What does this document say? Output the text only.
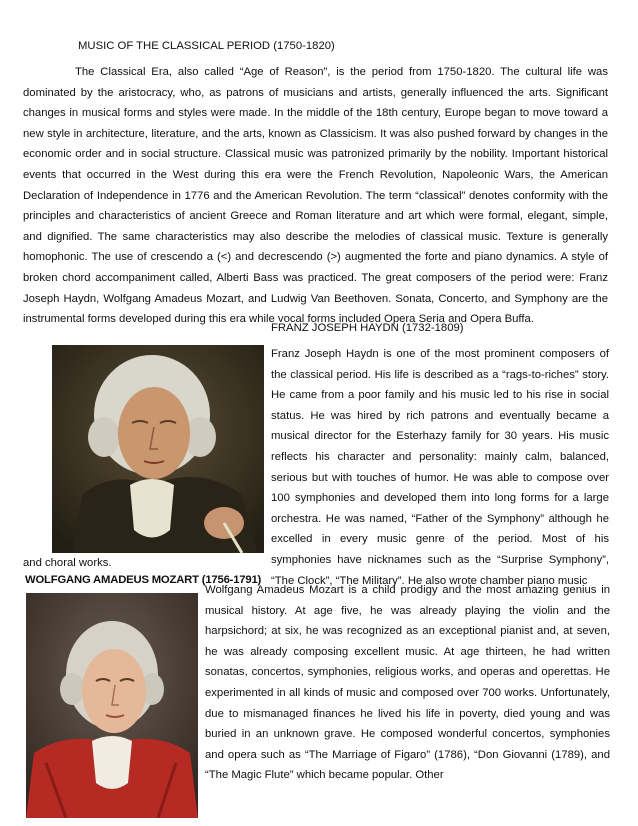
MUSIC OF THE CLASSICAL PERIOD (1750-1820)

The Classical Era, also called “Age of Reason”, is the period from 1750-1820. The cultural life was dominated by the aristocracy, who, as patrons of musicians and artists, generally influenced the arts. Significant changes in musical forms and styles were made. In the middle of the 18th century, Europe began to move toward a new style in architecture, literature, and the arts, known as Classicism. It was also pushed forward by changes in the economic order and in social structure. Classical music was patronized primarily by the nobility. Important historical events that occurred in the West during this era were the French Revolution, Napoleonic Wars, the American Declaration of Independence in 1776 and the American Revolution. The term “classical” denotes conformity with the principles and characteristics of ancient Greece and Roman literature and art which were formal, elegant, simple, and dignified. The same characteristics may also describe the melodies of classical music. Texture is generally homophonic. The use of crescendo a (<) and decrescendo (>) augmented the forte and piano dynamics. A style of broken chord accompaniment called, Alberti Bass was practiced. The great composers of the period were: Franz Joseph Haydn, Wolfgang Amadeus Mozart, and Ludwig Van Beethoven. Sonata, Concerto, and Symphony are the instrumental forms developed during this era while vocal forms included Opera Seria and Opera Buffa.

FRANZ JOSEPH HAYDN (1732-1809)

Franz Joseph Haydn is one of the most prominent composers of the classical period. His life is described as a “rags-to-riches” story. He came from a poor family and his music led to his rise in social status. He was hired by rich patrons and eventually became a musical director for the Esterhazy family for 30 years. His music reflects his character and personality: mainly calm, balanced, serious but with touches of humor. He was able to compose over 100 symphonies and developed them into long forms for a large orchestra. He was named, “Father of the Symphony” although he excelled in every music genre of the period. Most of his symphonies have nicknames such as the “Surprise Symphony”, “The Clock”, “The Military”. He also wrote chamber piano music

and choral works.
WOLFGANG AMADEUS MOZART (1756-1791)

Wolfgang Amadeus Mozart is a child prodigy and the most amazing genius in musical history. At age five, he was already playing the violin and the harpsichord; at six, he was recognized as an exceptional pianist and, at seven, he was already composing excellent music. At age thirteen, he had written sonatas, concertos, symphonies, religious works, and operas and operettas. He experimented in all kinds of music and composed over 700 works. Unfortunately, due to mismanaged finances he lived his life in poverty, died young and was buried in an unknown grave. He composed wonderful concertos, symphonies and opera such as “The Marriage of Figaro” (1786), “Don Giovanni (1789), and “The Magic Flute” which became popular. Other
